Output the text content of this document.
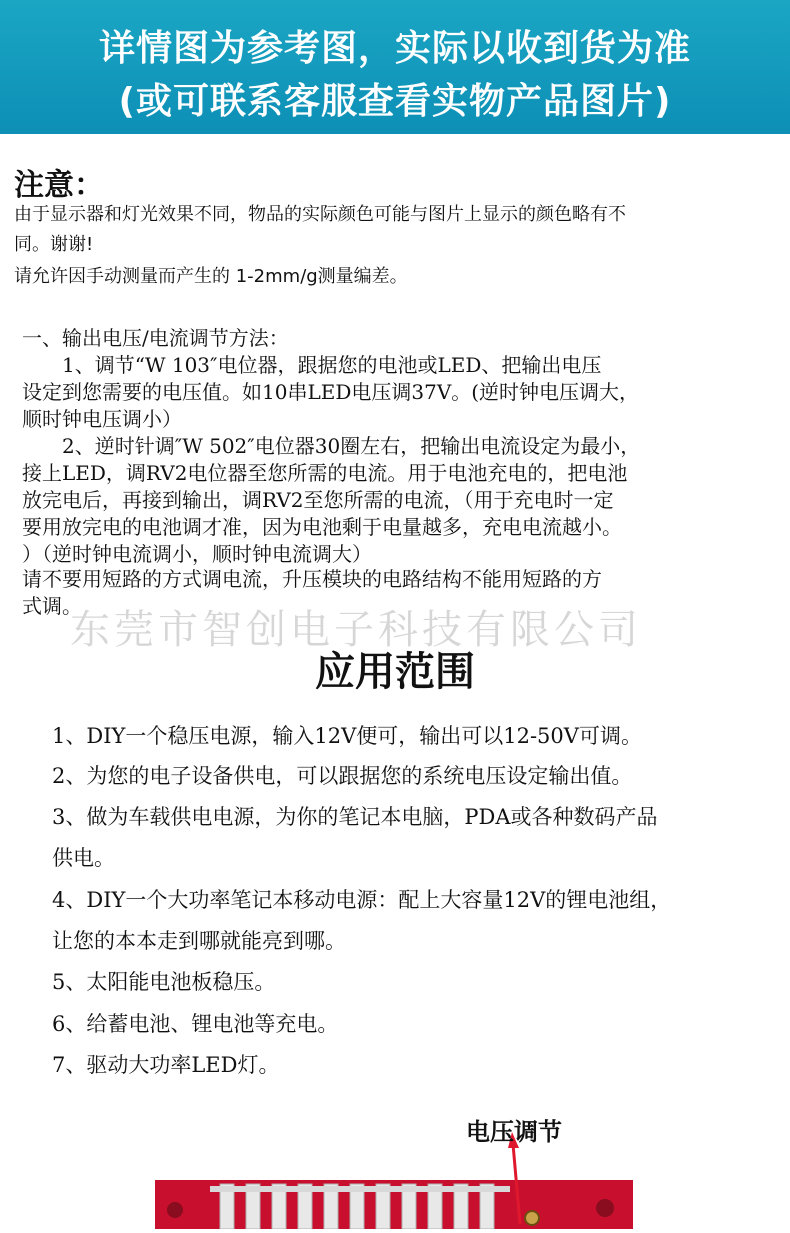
详情图为参考图，实际以收到货为准
(或可联系客服查看实物产品图片)
注意：
由于显示器和灯光效果不同，物品的实际颜色可能与图片上显示的颜色略有不
同。谢谢!
请允许因手动测量而产生的 1-2mm/g测量编差。
一、输出电压/电流调节方法：
　　1、调节“W 103″电位器，跟据您的电池或LED、把输出电压
设定到您需要的电压值。如10串LED电压调37V。(逆时钟电压调大，
顺时钟电压调小）
　　2、逆时针调″W 502″电位器30圈左右，把输出电流设定为最小，
接上LED，调RV2电位器至您所需的电流。用于电池充电的，把电池
放完电后，再接到输出，调RV2至您所需的电流，（用于充电时一定
要用放完电的电池调才准，因为电池剩于电量越多，充电电流越小。
）（逆时钟电流调小，顺时钟电流调大）
请不要用短路的方式调电流，升压模块的电路结构不能用短路的方
式调。
东莞市智创电子科技有限公司
应用范围
1、DIY一个稳压电源，输入12V便可，输出可以12-50V可调。
2、为您的电子设备供电，可以跟据您的系统电压设定输出值。
3、做为车载供电电源，为你的笔记本电脑，PDA或各种数码产品
供电。
4、DIY一个大功率笔记本移动电源：配上大容量12V的锂电池组，
让您的本本走到哪就能亮到哪。
5、太阳能电池板稳压。
6、给蓄电池、锂电池等充电。
7、驱动大功率LED灯。
电压调节
